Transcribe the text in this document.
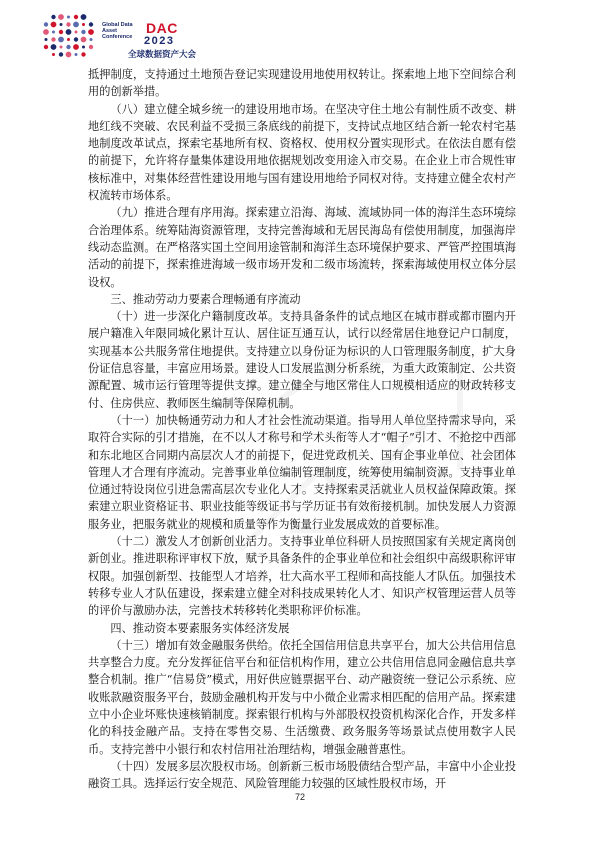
Global Data Asset Conference
DAC
2023
全球数据资产大会

抵押制度，支持通过土地预告登记实现建设用地使用权转让。探索地上地下空间综合利用的创新举措。

（八）建立健全城乡统一的建设用地市场。在坚决守住土地公有制性质不改变、耕地红线不突破、农民利益不受损三条底线的前提下，支持试点地区结合新一轮农村宅基地制度改革试点，探索宅基地所有权、资格权、使用权分置实现形式。在依法自愿有偿的前提下，允许将存量集体建设用地依据规划改变用途入市交易。在企业上市合规性审核标准中，对集体经营性建设用地与国有建设用地给予同权对待。支持建立健全农村产权流转市场体系。

（九）推进合理有序用海。探索建立沿海、海域、流域协同一体的海洋生态环境综合治理体系。统筹陆海资源管理，支持完善海域和无居民海岛有偿使用制度，加强海岸线动态监测。在严格落实国土空间用途管制和海洋生态环境保护要求、严管严控围填海活动的前提下，探索推进海域一级市场开发和二级市场流转，探索海域使用权立体分层设权。

三、推动劳动力要素合理畅通有序流动

（十）进一步深化户籍制度改革。支持具备条件的试点地区在城市群或都市圈内开展户籍准入年限同城化累计互认、居住证互通互认，试行以经常居住地登记户口制度，实现基本公共服务常住地提供。支持建立以身份证为标识的人口管理服务制度，扩大身份证信息容量，丰富应用场景。建设人口发展监测分析系统，为重大政策制定、公共资源配置、城市运行管理等提供支撑。建立健全与地区常住人口规模相适应的财政转移支付、住房供应、教师医生编制等保障机制。

（十一）加快畅通劳动力和人才社会性流动渠道。指导用人单位坚持需求导向，采取符合实际的引才措施，在不以人才称号和学术头衔等人才“帽子”引才、不抢挖中西部和东北地区合同期内高层次人才的前提下，促进党政机关、国有企事业单位、社会团体管理人才合理有序流动。完善事业单位编制管理制度，统筹使用编制资源。支持事业单位通过特设岗位引进急需高层次专业化人才。支持探索灵活就业人员权益保障政策。探索建立职业资格证书、职业技能等级证书与学历证书有效衔接机制。加快发展人力资源服务业，把服务就业的规模和质量等作为衡量行业发展成效的首要标准。

（十二）激发人才创新创业活力。支持事业单位科研人员按照国家有关规定离岗创新创业。推进职称评审权下放，赋予具备条件的企事业单位和社会组织中高级职称评审权限。加强创新型、技能型人才培养，壮大高水平工程师和高技能人才队伍。加强技术转移专业人才队伍建设，探索建立健全对科技成果转化人才、知识产权管理运营人员等的评价与激励办法，完善技术转移转化类职称评价标准。

四、推动资本要素服务实体经济发展

（十三）增加有效金融服务供给。依托全国信用信息共享平台，加大公共信用信息共享整合力度。充分发挥征信平台和征信机构作用，建立公共信用信息同金融信息共享整合机制。推广“信易贷”模式，用好供应链票据平台、动产融资统一登记公示系统、应收账款融资服务平台，鼓励金融机构开发与中小微企业需求相匹配的信用产品。探索建立中小企业坏账快速核销制度。探索银行机构与外部股权投资机构深化合作，开发多样化的科技金融产品。支持在零售交易、生活缴费、政务服务等场景试点使用数字人民币。支持完善中小银行和农村信用社治理结构，增强金融普惠性。

（十四）发展多层次股权市场。创新新三板市场股债结合型产品，丰富中小企业投融资工具。选择运行安全规范、风险管理能力较强的区域性股权市场，开

72
